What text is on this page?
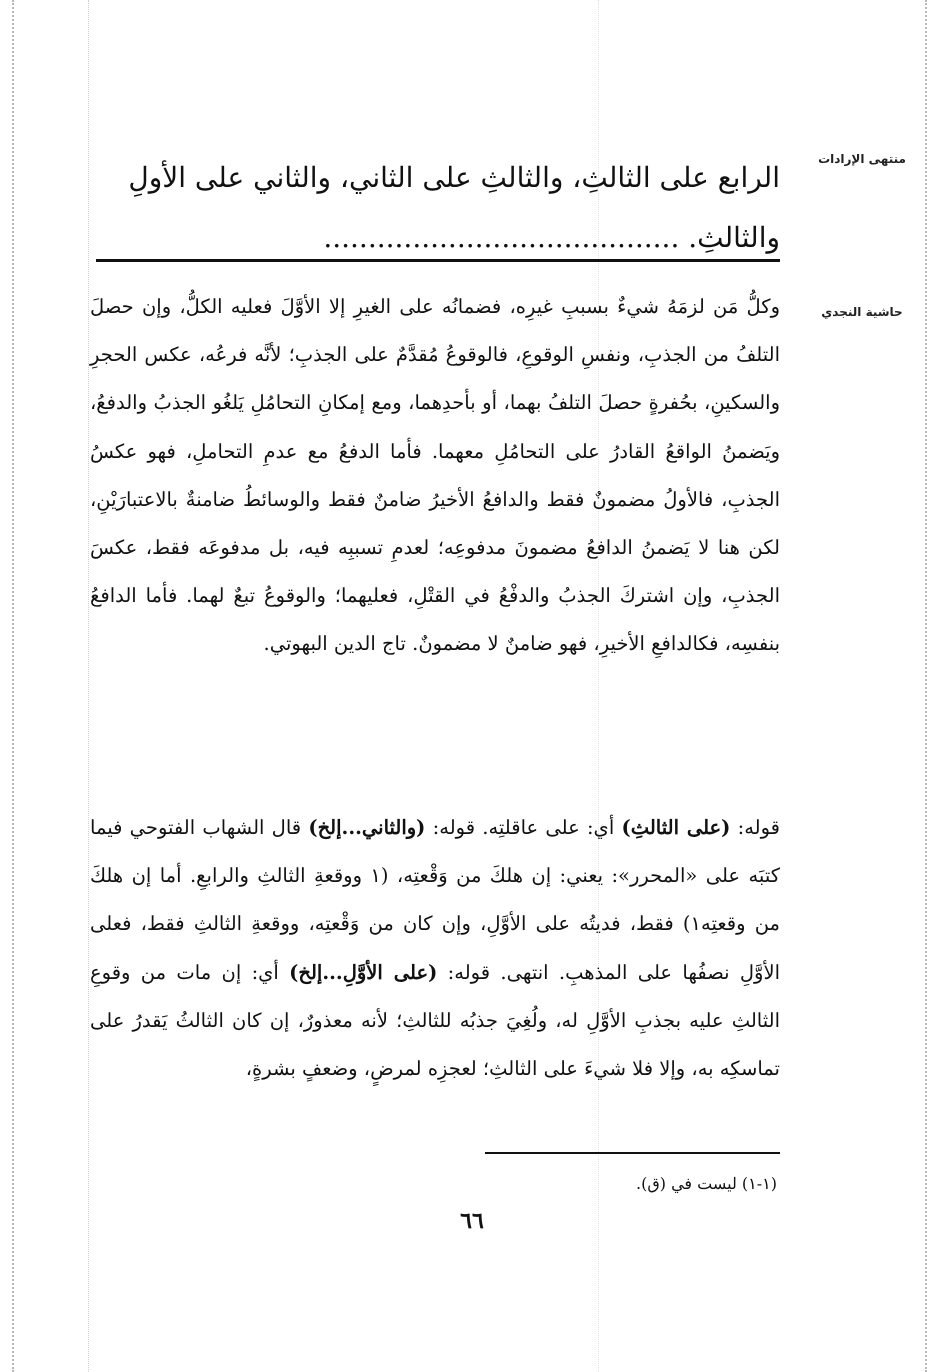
منتهى الإرادات
حاشية النجدي

الرابع على الثالثِ، والثالثِ على الثاني، والثاني على الأولِ

والثالثِ. ........................................

وكلُّ مَن لزمَهُ شيءٌ بسببِ غيرِه، فضمانُه على الغيرِ إلا الأوَّلَ فعليه الكلُّ، وإن حصلَ التلفُ من الجذبِ، ونفسِ الوقوعِ، فالوقوعُ مُقدَّمٌ على الجذبِ؛ لأنَّه فرعُه، عكس الحجرِ والسكينِ، بحُفرةٍ حصلَ التلفُ بهما، أو بأحدِهما، ومع إمكانِ التحامُلِ يَلغُو الجذبُ والدفعُ، ويَضمنُ الواقعُ القادرُ على التحامُلِ معهما. فأما الدفعُ مع عدمِ التحاملِ، فهو عكسُ الجذبِ، فالأولُ مضمونٌ فقط والدافعُ الأخيرُ ضامنٌ فقط والوسائطُ ضامنةٌ بالاعتبارَيْنِ، لكن هنا لا يَضمنُ الدافعُ مضمونَ مدفوعِه؛ لعدمِ تسببِه فيه، بل مدفوعَه فقط، عكسَ الجذبِ، وإن اشتركَ الجذبُ والدفْعُ في القتْلِ، فعليهما؛ والوقوعُ تبعٌ لهما. فأما الدافعُ بنفسِه، فكالدافعِ الأخيرِ، فهو ضامنٌ لا مضمونٌ. تاج الدين البهوتي.

قوله: (على الثالثِ) أي: على عاقلتِه. قوله: (والثاني...إلخ) قال الشهاب الفتوحي فيما كتبَه على «المحرر»: يعني: إن هلكَ من وَقْعتِه، (١ ووقعةِ الثالثِ والرابعِ. أما إن هلكَ من وقعتِه١) فقط، فديتُه على الأوَّلِ، وإن كان من وَقْعتِه، ووقعةِ الثالثِ فقط، فعلى الأوَّلِ نصفُها على المذهبِ. انتهى. قوله: (على الأوَّلِ...إلخ) أي: إن مات من وقوعِ الثالثِ عليه بجذبِ الأوَّلِ له، ولُغِيَ جذبُه للثالثِ؛ لأنه معذورٌ، إن كان الثالثُ يَقدرُ على تماسكِه به، وإلا فلا شيءَ على الثالثِ؛ لعجزِه لمرضٍ، وضعفٍ بشرةٍ،

(١-١) ليست في (ق).
٦٦
